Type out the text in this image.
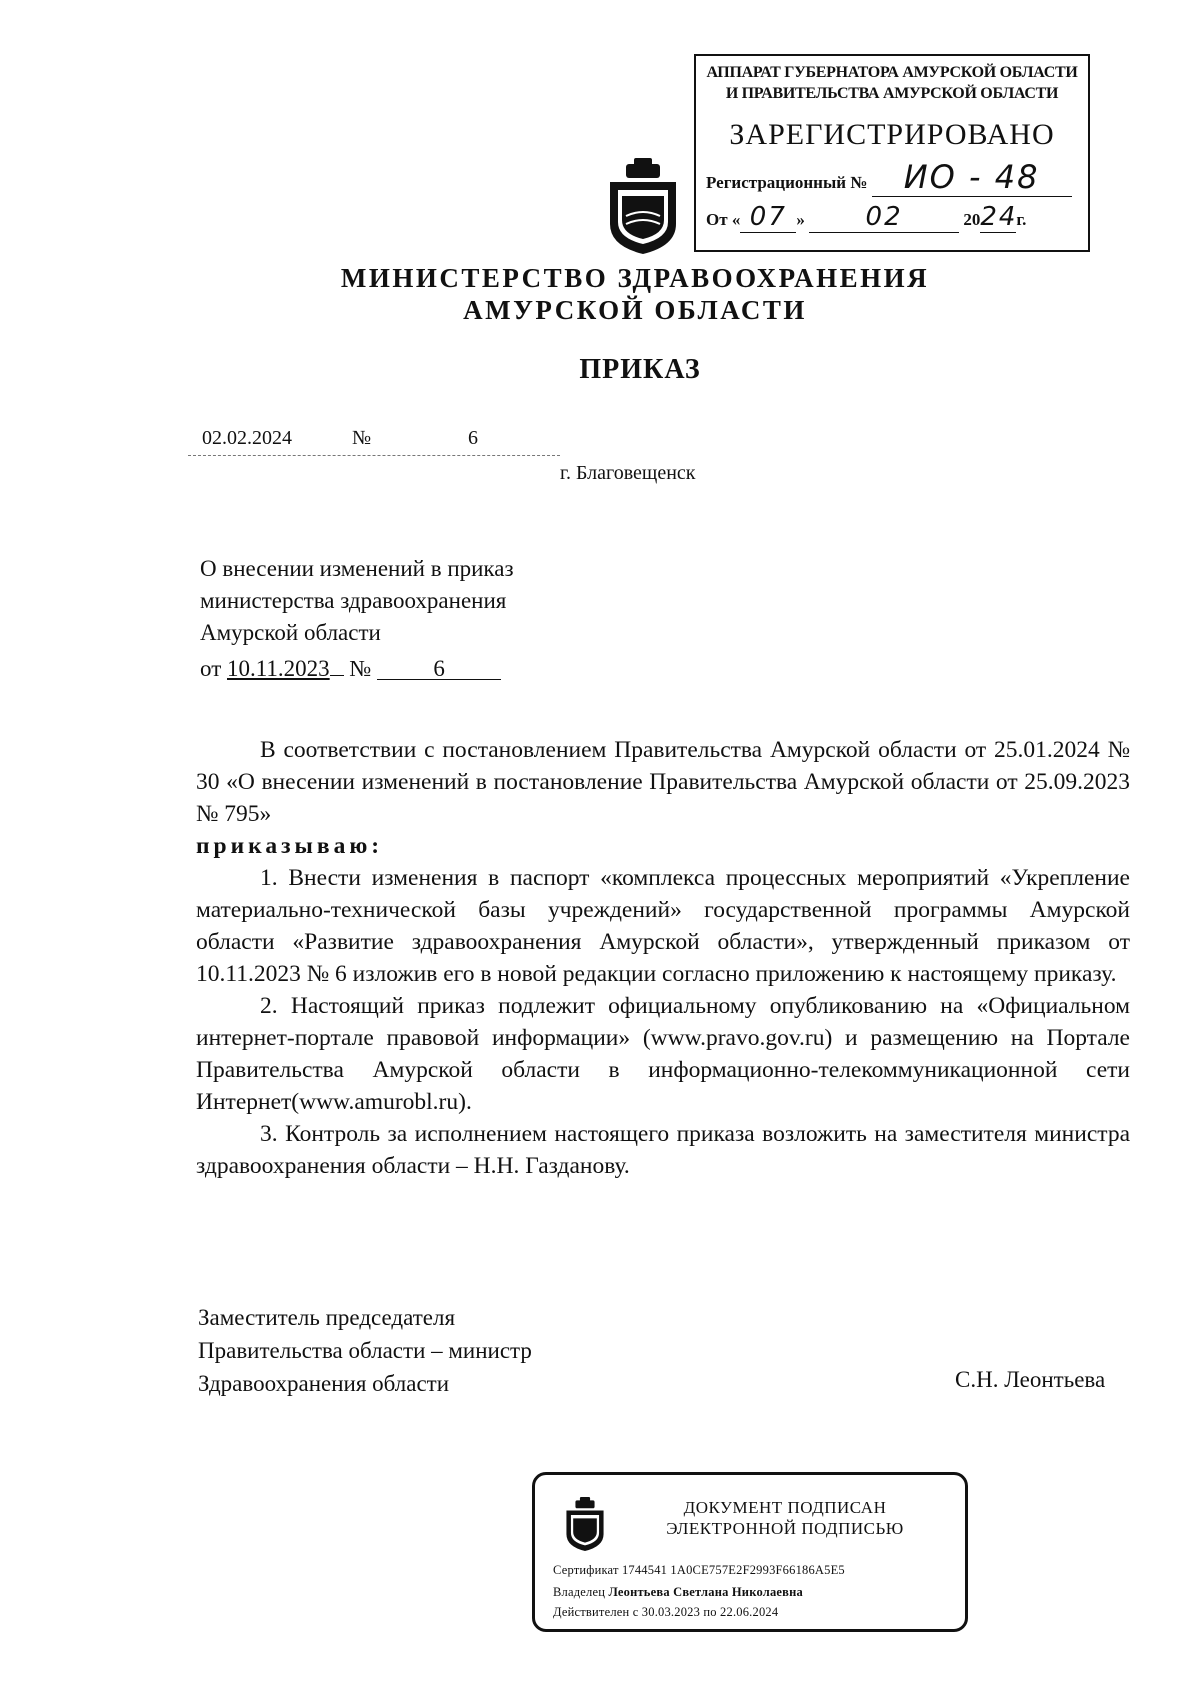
АППАРАТ ГУБЕРНАТОРА АМУРСКОЙ ОБЛАСТИ
И ПРАВИТЕЛЬСТВА АМУРСКОЙ ОБЛАСТИ
ЗАРЕГИСТРИРОВАНО
Регистрационный № ИО - 48
От « 07 » 02	2024г.
МИНИСТЕРСТВО ЗДРАВООХРАНЕНИЯ
АМУРСКОЙ ОБЛАСТИ
ПРИКАЗ
02.02.2024	№	6
г. Благовещенск
О внесении изменений в приказ
министерства здравоохранения
Амурской области
от 10.11.2023 №	6

В соответствии с постановлением Правительства Амурской области от 25.01.2024 № 30 «О внесении изменений в постановление Правительства Амурской области от 25.09.2023 № 795»

приказываю:

1. Внести изменения в паспорт «комплекса процессных мероприятий «Укрепление материально-технической базы учреждений» государственной программы Амурской области «Развитие здравоохранения Амурской области», утвержденный приказом от 10.11.2023 № 6 изложив его в новой редакции согласно приложению к настоящему приказу.

2. Настоящий приказ подлежит официальному опубликованию на «Официальном интернет-портале правовой информации» (www.pravo.gov.ru) и размещению на Портале Правительства Амурской области в информационно-телекоммуникационной сети Интернет(www.amurobl.ru).

3. Контроль за исполнением настоящего приказа возложить на заместителя министра здравоохранения области – Н.Н. Газданову.

Заместитель председателя
Правительства области – министр
Здравоохранения области	С.Н. Леонтьева
ДОКУМЕНТ ПОДПИСАН
ЭЛЕКТРОННОЙ ПОДПИСЬЮ
Сертификат 1744541 1A0CE757E2F2993F66186A5E5
Владелец Леонтьева Светлана Николаевна
Действителен с 30.03.2023 по 22.06.2024
